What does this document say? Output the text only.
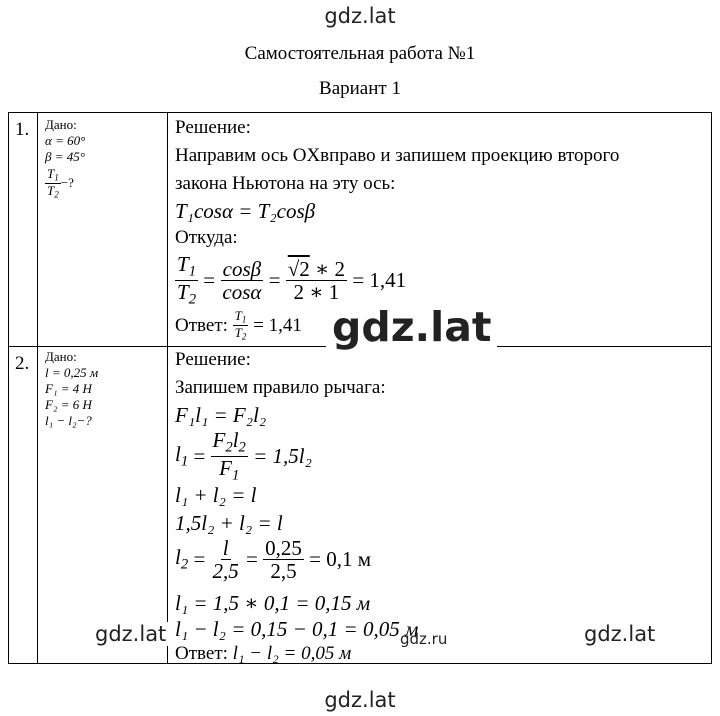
gdz.lat
Самостоятельная работа №1
Вариант 1
1. Дано:
α = 60°
β = 45°
$\frac{T_1}{T_2}$ −?
Решение:
Направим ось OXвправо и запишем проекцию второго
закона Ньютона на эту ось:
T₁cosα = T₂cosβ
Откуда:
$\frac{T_1}{T_2} = \frac{\cos\beta}{\cos\alpha} = \frac{√2 ∗ 2}{2 ∗ 1}$
= 1,41
Ответ:
$\frac{T_1}{T_2}$
= 1,41
2. Дано:
l = 0,25 м
F₁ = 4 Н
F₂ = 6 Н
l₁ − l₂−?
Решение:
Запишем правило рычага:
F₁l₁ = F₂l₂
$l_1 = \frac{F_2l_2}{F_1}$
= 1,5l₂
l₁ + l₂ = l
1,5l₂ + l₂ = l
$l_2 = \frac{l}{2,5} = \frac{0,25}{2,5}$
= 0,1 м
l₁ = 1,5 ∗ 0,1 = 0,15 м
l₁ − l₂ = 0,15 − 0,1 = 0,05 м
Ответ: l₁ − l₂ = 0,05 м
gdz.lat
gdz.lat	gdz.lat
gdz.ru
gdz.lat
